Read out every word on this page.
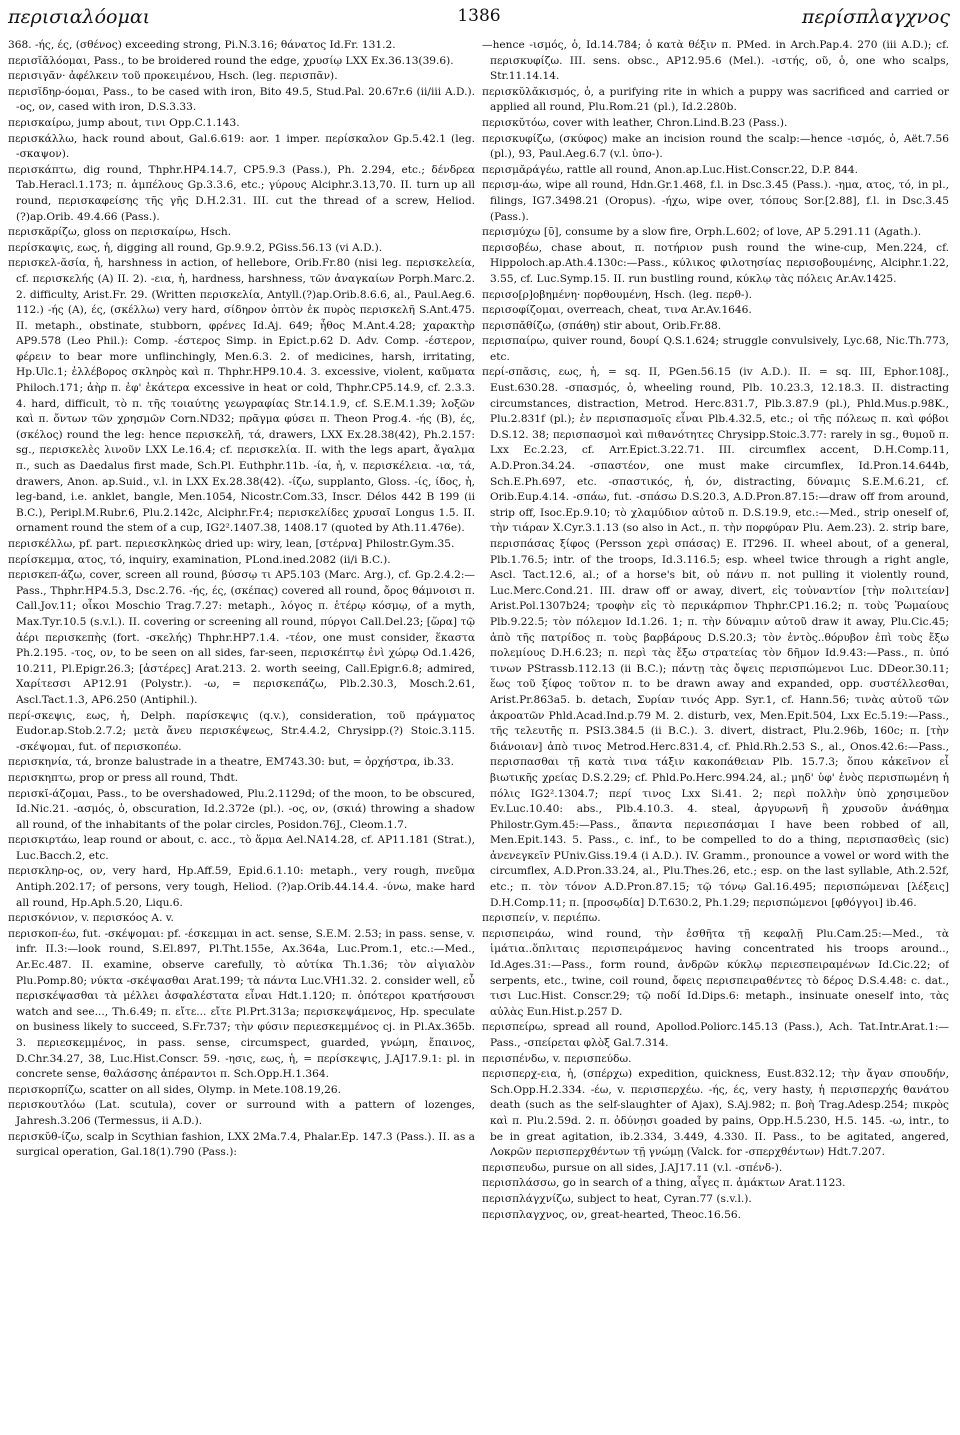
περισιαλόομαι	1386	περίσπλαγχνος

368. -ής, ές, (σθένος) exceeding strong, Pi.N.3.16; θάνατος Id.Fr. 131.2.

περισῐᾰλόομαι, Pass., to be broidered round the edge, χρυσίῳ LXX Ex.36.13(39.6).

περισιγᾶν· ἀφέλκειν τοῦ προκειμένου, Hsch. (leg. περισπᾶν).

περισῐδηρ-όομαι, Pass., to be cased with iron, Bito 49.5, Stud.Pal. 20.67r.6 (ii/iii A.D.). -ος, ον, cased with iron, D.S.3.33.

περισκαίρω, jump about, τινι Opp.C.1.143.

περισκάλλω, hack round about, Gal.6.619: aor. 1 imper. περίσκαλον Gp.5.42.1 (leg. -σκαψον).

περισκάπτω, dig round, Thphr.HP4.14.7, CP5.9.3 (Pass.), Ph. 2.294, etc.; δένδρεα Tab.Heracl.1.173; π. ἀμπέλους Gp.3.3.6, etc.; γύρους Alciphr.3.13,70. II. turn up all round, περισκαφείσης τῆς γῆς D.H.2.31. III. cut the thread of a screw, Heliod.(?)ap.Orib. 49.4.66 (Pass.).

περισκᾰρίζω, gloss on περισκαίρω, Hsch.

περίσκαψις, εως, ἡ, digging all round, Gp.9.9.2, PGiss.56.13 (vi A.D.).

περισκελ-ᾰσία, ἡ, harshness in action, of hellebore, Orib.Fr.80 (nisi leg. περισκελεία, cf. περισκελής (A) II. 2). -εια, ἡ, hardness, harshness, τῶν ἀναγκαίων Porph.Marc.2. 2. difficulty, Arist.Fr. 29. (Written περισκελία, Antyll.(?)ap.Orib.8.6.6, al., Paul.Aeg.6. 112.) -ής (A), ές, (σκέλλω) very hard, σίδηρον ὀπτὸν ἐκ πυρὸς περισκελῆ S.Ant.475. II. metaph., obstinate, stubborn, φρένες Id.Aj. 649; ἦθος M.Ant.4.28; χαρακτὴρ AP9.578 (Leo Phil.): Comp. -έστερος Simp. in Epict.p.62 D. Adv. Comp. -έστερον, φέρειν to bear more unflinchingly, Men.6.3. 2. of medicines, harsh, irritating, Hp.Ulc.1; ἐλλέβορος σκληρὸς καὶ π. Thphr.HP9.10.4. 3. excessive, violent, καῦματα Philoch.171; ἀὴρ π. ἐφ' ἑκάτερα excessive in heat or cold, Thphr.CP5.14.9, cf. 2.3.3. 4. hard, difficult, τὸ π. τῆς τοιαύτης γεωγραφίας Str.14.1.9, cf. S.E.M.1.39; λοξῶν καὶ π. ὄντων τῶν χρησμῶν Corn.ND32; πρᾶγμα φύσει π. Theon Prog.4. -ής (B), ές, (σκέλος) round the leg: hence περισκελῆ, τά, drawers, LXX Ex.28.38(42), Ph.2.157: sg., περισκελὲς λινοῦν LXX Le.16.4; cf. περισκελία. II. with the legs apart, ἄγαλμα π., such as Daedalus first made, Sch.Pl. Euthphr.11b. -ία, ἡ, v. περισκέλεια. -ια, τά, drawers, Anon. ap.Suid., v.l. in LXX Ex.28.38(42). -ίζω, supplanto, Gloss. -ίς, ίδος, ἡ, leg-band, i.e. anklet, bangle, Men.1054, Nicostr.Com.33, Inscr. Délos 442 B 199 (ii B.C.), Peripl.M.Rubr.6, Plu.2.142c, Alciphr.Fr.4; περισκελίδες χρυσαῖ Longus 1.5. II. ornament round the stem of a cup, IG2².1407.38, 1408.17 (quoted by Ath.11.476e).

περισκέλλω, pf. part. περιεσκληκὼς dried up: wiry, lean, [στέρνα] Philostr.Gym.35.

περίσκεμμα, ατος, τό, inquiry, examination, PLond.ined.2082 (ii/i B.C.).

περισκεπ-άζω, cover, screen all round, βύσσῳ τι AP5.103 (Marc. Arg.), cf. Gp.2.4.2:—Pass., Thphr.HP4.5.3, Dsc.2.76. -ής, ές, (σκέπας) covered all round, ὄρος θάμνοισι π. Call.Jov.11; οἶκοι Moschio Trag.7.27: metaph., λόγος π. ἑτέρῳ κόσμῳ, of a myth, Max.Tyr.10.5 (s.v.l.). II. covering or screening all round, πύργοι Call.Del.23; [ὥρα] τῷ ἀέρι περισκεπὴς (fort. -σκελής) Thphr.HP7.1.4. -τέον, one must consider, ἕκαστα Ph.2.195. -τος, ον, to be seen on all sides, far-seen, περισκέπτῳ ἐνὶ χώρῳ Od.1.426, 10.211, Pl.Epigr.26.3; [ἀστέρες] Arat.213. 2. worth seeing, Call.Epigr.6.8; admired, Χαρίτεσσι AP12.91 (Polystr.). -ω, = περισκεπάζω, Plb.2.30.3, Mosch.2.61, Ascl.Tact.1.3, AP6.250 (Antiphil.).

περί-σκεψις, εως, ἡ, Delph. παρίσκεψις (q.v.), consideration, τοῦ πράγματος Eudor.ap.Stob.2.7.2; μετὰ ἄνευ περισκέψεως, Str.4.4.2, Chrysipp.(?) Stoic.3.115. -σκέψομαι, fut. of περισκοπέω.

περισκηνία, τά, bronze balustrade in a theatre, EM743.30: but, = ὀρχήστρα, ib.33.

περισκηπτω, prop or press all round, Thdt.

περισκῐ-άζομαι, Pass., to be overshadowed, Plu.2.1129d; of the moon, to be obscured, Id.Nic.21. -ασμός, ὁ, obscuration, Id.2.372e (pl.). -ος, ον, (σκιά) throwing a shadow all round, of the inhabitants of the polar circles, Posidon.76J., Cleom.1.7.

περισκιρτάω, leap round or about, c. acc., τὸ ἅρμα Ael.NA14.28, cf. AP11.181 (Strat.), Luc.Bacch.2, etc.

περισκληρ-ος, ον, very hard, Hp.Aff.59, Epid.6.1.10: metaph., very rough, πνεῦμα Antiph.202.17; of persons, very tough, Heliod. (?)ap.Orib.44.14.4. -ύνω, make hard all round, Hp.Aph.5.20, Liqu.6.

περισκόνιον, v. περισκόος A. v.

περισκοπ-έω, fut. -σκέψομαι: pf. -έσκεμμαι in act. sense, S.E.M. 2.53; in pass. sense, v. infr. II.3:—look round, S.El.897, Pl.Tht.155e, Ax.364a, Luc.Prom.1, etc.:—Med., Ar.Ec.487. II. examine, observe carefully, τὸ αὐτίκα Th.1.36; τὸν αἰγιαλὸν Plu.Pomp.80; νύκτα -σκέψασθαι Arat.199; τὰ πάντα Luc.VH1.32. 2. consider well, εὖ περισκέψασθαι τὰ μέλλει ἀσφαλέστατα εἶναι Hdt.1.120; π. ὁπότεροι κρατήσουσι watch and see..., Th.6.49; π. εἴτε... εἴτε Pl.Prt.313a; περισκεψάμενος, Hp. speculate on business likely to succeed, S.Fr.737; τὴν φύσιν περιεσκεμμένος cj. in Pl.Ax.365b. 3. περιεσκεμμένος, in pass. sense, circumspect, guarded, γνώμη, ἔπαινος, D.Chr.34.27, 38, Luc.Hist.Conscr. 59. -ησις, εως, ἡ, = περίσκεψις, J.AJ17.9.1: pl. in concrete sense, θαλάσσης ἀπέραντοι π. Sch.Opp.H.1.364.

περισκορπίζω, scatter on all sides, Olymp. in Mete.108.19,26.

περισκουτλόω (Lat. scutula), cover or surround with a pattern of lozenges, Jahresh.3.206 (Termessus, ii A.D.).

περισκῠθ-ίζω, scalp in Scythian fashion, LXX 2Ma.7.4, Phalar.Ep. 147.3 (Pass.). II. as a surgical operation, Gal.18(1).790 (Pass.):

—hence -ισμός, ὁ, Id.14.784; ὁ κατὰ θέξιν π. PMed. in Arch.Pap.4. 270 (iii A.D.); cf. περισκυφίζω. III. sens. obsc., AP12.95.6 (Mel.). -ιστής, οῦ, ὁ, one who scalps, Str.11.14.14.

περισκῠλᾰκισμός, ὁ, a purifying rite in which a puppy was sacrificed and carried or applied all round, Plu.Rom.21 (pl.), Id.2.280b.

περισκῠτόω, cover with leather, Chron.Lind.B.23 (Pass.).

περισκυφίζω, (σκύφος) make an incision round the scalp:—hence -ισμός, ὁ, Aët.7.56 (pl.), 93, Paul.Aeg.6.7 (v.l. ὑπο-).

περισμᾰράγέω, rattle all round, Anon.ap.Luc.Hist.Conscr.22, D.P. 844.

περισμ-άω, wipe all round, Hdn.Gr.1.468, f.l. in Dsc.3.45 (Pass.). -ημα, ατος, τό, in pl., filings, IG7.3498.21 (Oropus). -ήχω, wipe over, τόπους Sor.[2.88], f.l. in Dsc.3.45 (Pass.).

περισμύχω [ῡ], consume by a slow fire, Orph.L.602; of love, AP 5.291.11 (Agath.).

περισοβέω, chase about, π. ποτήριον push round the wine-cup, Men.224, cf. Hippoloch.ap.Ath.4.130c:—Pass., κύλικος φιλοτησίας περισοβουμένης, Alciphr.1.22, 3.55, cf. Luc.Symp.15. II. run bustling round, κύκλῳ τὰς πόλεις Ar.Av.1425.

περισο[ρ]οβημένη· πορθουμένη, Hsch. (leg. περθ-).

περισοφίζομαι, overreach, cheat, τινα Ar.Av.1646.

περισπᾰθίζω, (σπάθη) stir about, Orib.Fr.88.

περισπαίρω, quiver round, δουρί Q.S.1.624; struggle convulsively, Lyc.68, Nic.Th.773, etc.

περί-σπᾰσις, εως, ἡ, = sq. II, PGen.56.15 (iv A.D.). II. = sq. III, Ephor.108J., Eust.630.28. -σπασμός, ὁ, wheeling round, Plb. 10.23.3, 12.18.3. II. distracting circumstances, distraction, Metrod. Herc.831.7, Plb.3.87.9 (pl.), Phld.Mus.p.98K., Plu.2.831f (pl.); ἐν περισπασμοῖς εἶναι Plb.4.32.5, etc.; οἱ τῆς πόλεως π. καὶ φόβοι D.S.12. 38; περισπασμοὶ καὶ πιθανότητες Chrysipp.Stoic.3.77: rarely in sg., θυμοῦ π. Lxx Ec.2.23, cf. Arr.Epict.3.22.71. III. circumflex accent, D.H.Comp.11, A.D.Pron.34.24. -σπαστέον, one must make circumflex, Id.Pron.14.644b, Sch.E.Ph.697, etc. -σπαστικός, ἡ, όν, distracting, δύναμις S.E.M.6.21, cf. Orib.Eup.4.14. -σπάω, fut. -σπάσω D.S.20.3, A.D.Pron.87.15:—draw off from around, strip off, Isoc.Ep.9.10; τὸ χλαμύδιον αὐτοῦ π. D.S.19.9, etc.:—Med., strip oneself of, τὴν τιάραν X.Cyr.3.1.13 (so also in Act., π. τὴν πορφύραν Plu. Aem.23). 2. strip bare, περισπάσας ξίφος (Persson χερὶ σπάσας) E. IT296. II. wheel about, of a general, Plb.1.76.5; intr. of the troops, Id.3.116.5; esp. wheel twice through a right angle, Ascl. Tact.12.6, al.; of a horse's bit, οὐ πάνυ π. not pulling it violently round, Luc.Merc.Cond.21. III. draw off or away, divert, εἰς τοὐναντίον [τὴν πολιτείαν] Arist.Pol.1307b24; τροφὴν εἰς τὸ περικάρπιον Thphr.CP1.16.2; π. τοὺς Ῥωμαίους Plb.9.22.5; τὸν πόλεμον Id.1.26. 1; π. τὴν δύναμιν αὐτοῦ draw it away, Plu.Cic.45; ἀπὸ τῆς πατρίδος π. τοὺς βαρβάρους D.S.20.3; τὸν ἐντὸς..θόρυβον ἐπὶ τοὺς ἔξω πολεμίους D.H.6.23; π. περὶ τὰς ἔξω στρατείας τὸν δῆμον Id.9.43:—Pass., π. ὑπό τινων PStrassb.112.13 (ii B.C.); πάντῃ τὰς ὄψεις περισπώμενοι Luc. DDeor.30.11; ἕως τοῦ ξίφος τοῦτον π. to be drawn away and expanded, opp. συστέλλεσθαι, Arist.Pr.863a5. b. detach, Συρίαν τινός App. Syr.1, cf. Hann.56; τινὰς αὐτοῦ τῶν ἀκροατῶν Phld.Acad.Ind.p.79 M. 2. disturb, vex, Men.Epit.504, Lxx Ec.5.19:—Pass., τῆς τελευτῆς π. PSI3.384.5 (ii B.C.). 3. divert, distract, Plu.2.96b, 160c; π. [τὴν διάνοιαν] ἀπὸ τινος Metrod.Herc.831.4, cf. Phld.Rh.2.53 S., al., Onos.42.6:—Pass., περισπασθαι τῇ κατὰ τινα τάξιν κακοπάθειαν Plb. 15.7.3; ὅπου κἀκεῖνον εἶ βιωτικῆς χρείας D.S.2.29; cf. Phld.Po.Herc.994.24, al.; μηδ' ὑφ' ἑνὸς περισπωμένη ἡ πόλις IG2².1304.7; περί τινος Lxx Si.41. 2; περὶ πολλὴν ὑπὸ χρησιμεῦον Ev.Luc.10.40: abs., Plb.4.10.3. 4. steal, ἀργυρωνῆ ἢ χρυσοῦν ἀνάθημα Philostr.Gym.45:—Pass., ἅπαντα περιεσπάσμαι I have been robbed of all, Men.Epit.143. 5. Pass., c. inf., to be compelled to do a thing, περισπασθεὶς (sic) ἀνενεγκεῖν PUniv.Giss.19.4 (i A.D.). IV. Gramm., pronounce a vowel or word with the circumflex, A.D.Pron.33.24, al., Plu.Thes.26, etc.; esp. on the last syllable, Ath.2.52f, etc.; π. τὸν τόνον A.D.Pron.87.15; τῷ τόνῳ Gal.16.495; περισπώμεναι [λέξεις] D.H.Comp.11; π. [προσῳδία] D.T.630.2, Ph.1.29; περισπώμενοι [φθόγγοι] ib.46.

περισπείν, v. περιέπω.

περισπειράω, wind round, τὴν ἐσθῆτα τῇ κεφαλῇ Plu.Cam.25:—Med., τὰ ἱμάτια..ὅπλιταις περισπειράμενος having concentrated his troops around.., Id.Ages.31:—Pass., form round, ἀνδρῶν κύκλῳ περιεσπειραμένων Id.Cic.22; of serpents, etc., twine, coil round, ὄφεις περισπειραθέντες τὸ δέρος D.S.4.48: c. dat., τισι Luc.Hist. Conscr.29; τῷ ποδί Id.Dips.6: metaph., insinuate oneself into, τὰς αὐλὰς Eun.Hist.p.257 D.

περισπείρω, spread all round, Apollod.Poliorc.145.13 (Pass.), Ach. Tat.Intr.Arat.1:—Pass., -σπείρεται φλὸξ Gal.7.314.

περισπένδω, v. περισπεύδω.

περισπερχ-εια, ἡ, (σπέρχω) expedition, quickness, Eust.832.12; τὴν ἄγαν σπουδήν, Sch.Opp.H.2.334. -έω, v. περισπερχέω. -ής, ές, very hasty, ἡ περισπερχής θανάτου death (such as the self-slaughter of Ajax), S.Aj.982; π. βοὴ Trag.Adesp.254; πικρὸς καὶ π. Plu.2.59d. 2. π. ὀδύνῃσι goaded by pains, Opp.H.5.230, H.5. 145. -ω, intr., to be in great agitation, ib.2.334, 3.449, 4.330. II. Pass., to be agitated, angered, Λοκρῶν περισπερχθέντων τῇ γνώμῃ (Valck. for -σπερχθέντων) Hdt.7.207.

περισπευδω, pursue on all sides, J.AJ17.11 (v.l. -σπένδ-).

περισπλάσσω, go in search of a thing, αἶγες π. ἀμάκτων Arat.1123.

περισπλάγχνίζω, subject to heat, Cyran.77 (s.v.l.).

περισπλαγχνος, ον, great-hearted, Theoc.16.56.
